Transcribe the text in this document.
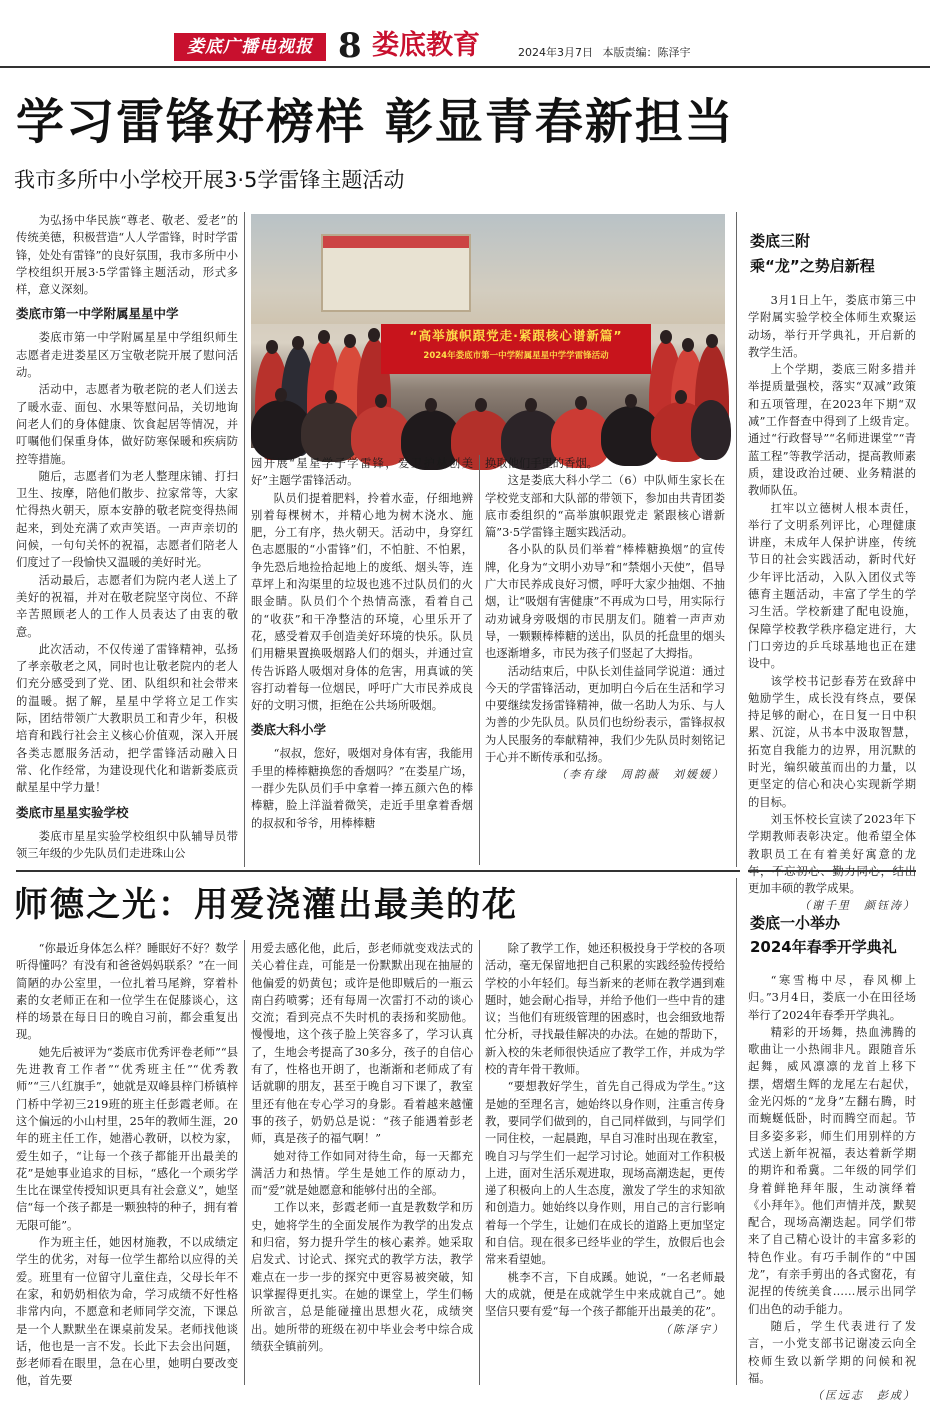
娄底广播电视报 8 娄底教育	2024年3月7日 本版责编：陈泽宇
学习雷锋好榜样 彰显青春新担当
我市多所中小学校开展3·5学雷锋主题活动

为弘扬中华民族“尊老、敬老、爱老”的传统美德，积极营造“人人学雷锋，时时学雷锋，处处有雷锋”的良好氛围，我市多所中小学校组织开展3·5学雷锋主题活动，形式多样，意义深刻。

娄底市第一中学附属星星中学

娄底市第一中学附属星星中学组织师生志愿者走进娄星区万宝敬老院开展了慰问活动。

活动中，志愿者为敬老院的老人们送去了暖水壶、面包、水果等慰问品，关切地询问老人们的身体健康、饮食起居等情况，并叮嘱他们保重身体，做好防寒保暖和疾病防控等措施。

随后，志愿者们为老人整理床铺、打扫卫生、按摩，陪他们散步、拉家常等，大家忙得热火朝天，原本安静的敬老院变得热闹起来，到处充满了欢声笑语。一声声亲切的问候，一句句关怀的祝福，志愿者们陪老人们度过了一段愉快又温暖的美好时光。

活动最后，志愿者们为院内老人送上了美好的祝福，并对在敬老院坚守岗位、不辞辛苦照顾老人的工作人员表达了由衷的敬意。

此次活动，不仅传递了雷锋精神，弘扬了孝亲敬老之风，同时也让敬老院内的老人们充分感受到了党、团、队组织和社会带来的温暖。据了解，星星中学将立足工作实际，团结带领广大教职员工和青少年，积极培育和践行社会主义核心价值观，深入开展各类志愿服务活动，把学雷锋活动融入日常、化作经常，为建设现代化和谐新娄底贡献星星中学力量！

娄底市星星实验学校

娄底市星星实验学校组织中队辅导员带领三年级的少先队员们走进珠山公

“高举旗帜跟党走·紧跟核心谱新篇”
2024年娄底市第一中学附属星星中学学雷锋活动

园开展“星星学子学雷锋，爱卫护林创美好”主题学雷锋活动。

队员们提着肥料，拎着水壶，仔细地辨别着每棵树木，并精心地为树木浇水、施肥，分工有序，热火朝天。活动中，身穿红色志愿服的“小雷锋”们，不怕脏、不怕累，争先恐后地捡拾起地上的废纸、烟头等，连草坪上和沟渠里的垃圾也逃不过队员们的火眼金睛。队员们个个热情高涨，看着自己的“收获”和干净整洁的环境，心里乐开了花，感受着双手创造美好环境的快乐。队员们用糖果置换吸烟路人们的烟头，并通过宣传告诉路人吸烟对身体的危害，用真诚的笑容打动着每一位烟民，呼吁广大市民养成良好的文明习惯，拒绝在公共场所吸烟。

娄底大科小学

“叔叔，您好，吸烟对身体有害，我能用手里的棒棒糖换您的香烟吗？”在娄星广场，一群少先队员们手中拿着一捧五颜六色的棒棒糖，脸上洋溢着微笑，走近手里拿着香烟的叔叔和爷爷，用棒棒糖

换取他们手里的香烟。

这是娄底大科小学二（6）中队师生家长在学校党支部和大队部的带领下，参加由共青团娄底市委组织的“高举旗帜跟党走 紧跟核心谱新篇”3·5学雷锋主题实践活动。

各小队的队员们举着“棒棒糖换烟”的宣传牌，化身为“文明小劝导”和“禁烟小天使”，倡导广大市民养成良好习惯，呼吁大家少抽烟、不抽烟，让“吸烟有害健康”不再成为口号，用实际行动劝诫身旁吸烟的市民朋友们。随着一声声劝导，一颗颗棒棒糖的送出，队员的托盘里的烟头也逐渐增多，市民为孩子们竖起了大拇指。

活动结束后，中队长刘佳益同学说道：通过今天的学雷锋活动，更加明白今后在生活和学习中要继续发扬雷锋精神，做一名助人为乐、与人为善的少先队员。队员们也纷纷表示，雷锋叔叔为人民服务的奉献精神，我们少先队员时刻铭记于心并不断传承和弘扬。

（李有缘　周韵薇　刘媛媛）

娄底三附
乘“龙”之势启新程

3月1日上午，娄底市第三中学附属实验学校全体师生欢聚运动场，举行开学典礼，开启新的教学生活。

上个学期，娄底三附多措并举提质量强校，落实“双减”政策和五项管理，在2023年下期“双减”工作督查中得到了上级肯定。通过“行政督导”“名师进课堂”“青蓝工程”等教学活动，提高教师素质，建设政治过硬、业务精湛的教师队伍。

扛牢以立德树人根本责任，举行了文明系列评比，心理健康讲座，未成年人保护讲座，传统节日的社会实践活动，新时代好少年评比活动，入队入团仪式等德育主题活动，丰富了学生的学习生活。学校新建了配电设施，保障学校教学秩序稳定进行，大门口旁边的乒乓球基地也正在建设中。

该学校书记彭春芳在致辞中勉励学生，成长没有终点，要保持足够的耐心，在日复一日中积累、沉淀，从书本中汲取智慧，拓宽自我能力的边界，用沉默的时光，编织破茧而出的力量，以更坚定的信心和决心实现新学期的目标。

刘玉怀校长宣读了2023年下学期教师表彰决定。他希望全体教职员工在有着美好寓意的龙 更加丰硕的教学成果。

（谢千里　颜钰涛）

师德之光：用爱浇灌出最美的花

“你最近身体怎么样？睡眠好不好？数学听得懂吗？有没有和爸爸妈妈联系？”在一间简陋的办公室里，一位扎着马尾辫，穿着朴素的女老师正在和一位学生在促膝谈心，这样的场景在每日日的晚自习前，都会重复出现。

她先后被评为“娄底市优秀评卷老师”“县先进教育工作者”“优秀班主任”“优秀教师”“三八红旗手”，她就是双峰县梓门桥镇梓门桥中学初三219班的班主任彭霞老师。在这个偏远的小山村里，25年的教师生涯，20年的班主任工作，她潜心教研，以校为家，爱生如子，“让每一个孩子都能开出最美的花”是她事业追求的目标，“感化一个顽劣学生比在课堂传授知识更具有社会意义”，她坚信“每一个孩子都是一颗独特的种子，拥有着无限可能”。

作为班主任，她因材施教，不以成绩定学生的优劣，对每一位学生都给以应得的关爱。班里有一位留守儿童住垚，父母长年不在家，和奶奶相依为命，学习成绩不好性格非常内向，不愿意和老师同学交流，下课总是一个人默默坐在课桌前发呆。老师找他谈话，他也是一言不发。长此下去会出问题，彭老师看在眼里，急在心里，她明白要改变他，首先要

用爱去感化他，此后，彭老师就变戏法式的关心着住垚，可能是一份默默出现在抽屉的他偏爱的奶黄包；或许是他即贼后的一瓶云南白药喷雾；还有每周一次雷打不动的谈心交流；看到亮点不失时机的表扬和奖励他。慢慢地，这个孩子脸上笑容多了，学习认真了，生地会考提高了30多分，孩子的自信心有了，性格也开朗了，也渐渐和老师成了有话就聊的朋友，甚至于晚自习下课了，教室里还有他在专心学习的身影。看着越来越懂事的孩子，奶奶总是说：“孩子能遇着彭老师，真是孩子的福气啊！”

她对待工作如同对待生命，每一天都充满活力和热情。学生是她工作的原动力，而“爱”就是她愿意和能够付出的全部。

工作以来，彭霞老师一直是教数学和历史，她将学生的全面发展作为教学的出发点和归宿，努力提升学生的核心素养。她采取启发式、讨论式、探究式的教学方法，教学难点在一步一步的探究中更容易被突破，知识掌握得更扎实。在她的课堂上，学生们畅所欲言，总是能碰撞出思想火花，成绩突出。她所带的班级在初中毕业会考中综合成绩获全镇前列。

除了教学工作，她还积极投身于学校的各项活动，毫无保留地把自己积累的实践经验传授给学校的小年轻们。每当新来的老师在教学遇到难题时，她会耐心指导，并给予他们一些中肯的建议；当他们有班级管理的困惑时，也会细致地帮忙分析，寻找最佳解决的办法。在她的帮助下，新入校的朱老师很快适应了教学工作，并成为学校的青年骨干教师。

“要想教好学生，首先自己得成为学生。”这是她的至理名言，她始终以身作则，注重言传身教，要同学们做到的，自己同样做到，与同学们一同住校，一起晨跑，早自习准时出现在教室，晚自习与学生们一起学习讨论。她面对工作积极上进，面对生活乐观进取，现场高潮迭起，更传递了积极向上的人生态度，激发了学生的求知欲和创造力。她始终以身作则，用自己的言行影响着每一个学生，让她们在成长的道路上更加坚定和自信。现在很多已经毕业的学生，放假后也会常来看望她。

桃李不言，下自成蹊。她说，“一名老师最大的成就，便是在成就学生中来成就自己”。她坚信只要有爱“每一个孩子都能开出最美的花”。

（陈泽宇）

娄底一小举办
2024年春季开学典礼

“寒雪梅中尽，春风柳上归。”3月4日，娄底一小在田径场举行了2024年春季开学典礼。

精彩的开场舞，热血沸腾的歌曲让一小热闹非凡。跟随音乐起舞，威风凛凛的龙首上移下摆，熠熠生辉的龙尾左右起伏，金光闪烁的“龙身”左翻右腾，时而蜿蜒低卧，时而腾空而起。节目多姿多彩，师生们用别样的方式送上新年祝福，表达着新学期的期许和希冀。二年级的同学们身着鲜艳拜年服，生动演绎着《小拜年》。他们声情并茂，默契配合，现场高潮迭起。同学们带来了自己精心设计的丰富多彩的特色作业。有巧手制作的“中国龙”，有亲手剪出的各式窗花，有泥捏的传统美食……展示出同学们出色的动手能力。

随后，学生代表进行了发言，一小党支部书记谢凌云向全校师生致以新学期的问候和祝福。

（匡远志　彭成）
